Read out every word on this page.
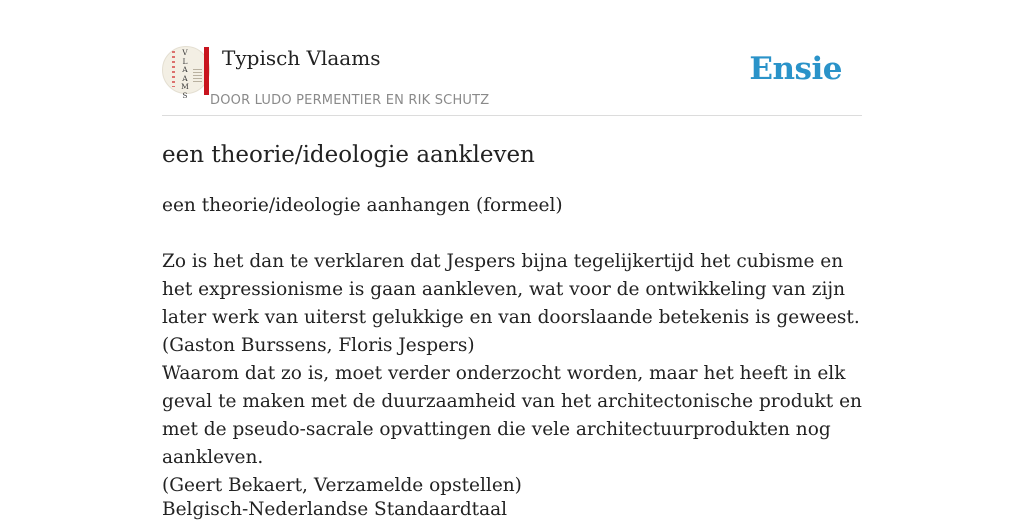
V
L
A
A
M
S
Typisch Vlaams
DOOR LUDO PERMENTIER EN RIK SCHUTZ
Ensie
een theorie/ideologie aankleven

een theorie/ideologie aanhangen (formeel)

Zo is het dan te verklaren dat Jespers bijna tegelijkertijd het cubisme en het expressionisme is gaan aankleven, wat voor de ontwikkeling van zijn later werk van uiterst gelukkige en van doorslaande betekenis is geweest.

(Gaston Burssens, Floris Jespers)

Waarom dat zo is, moet verder onderzocht worden, maar het heeft in elk geval te maken met de duurzaamheid van het architectonische produkt en met de pseudo-sacrale opvattingen die vele architectuurprodukten nog aankleven.

(Geert Bekaert, Verzamelde opstellen)

Belgisch-Nederlandse Standaardtaal
